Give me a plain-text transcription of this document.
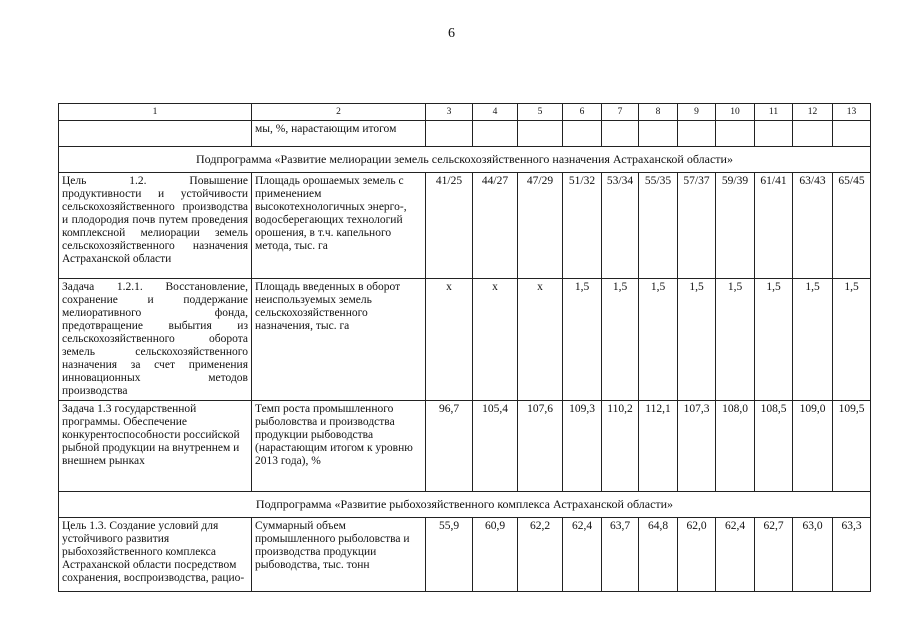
6
1	2	3	4	5	6	7	8	9	10	11	12	13
	мы, %, нарастающим итогом											
Подпрограмма «Развитие мелиорации земель сельскохозяйственного назначения Астраханской области»												
Цель 1.2. Повышение продуктивности и устойчивости сельскохозяйственного производства и плодородия почв путем проведения комплексной мелиорации земель сельскохозяйственного назначения Астраханской области	Площадь орошаемых земель с применением высокотехнологичных энерго-, водосберегающих технологий орошения, в т.ч. капельного метода, тыс. га	41/25	44/27	47/29	51/32	53/34	55/35	57/37	59/39	61/41	63/43	65/45
Задача 1.2.1. Восстановление, сохранение и поддержание мелиоративного фонда, предотвращение выбытия из сельскохозяйственного оборота земель сельскохозяйственного назначения за счет применения инновационных методов производства	Площадь введенных в оборот неиспользуемых земель сельскохозяйственного назначения, тыс. га	х	х	х	1,5	1,5	1,5	1,5	1,5	1,5	1,5	1,5
Задача 1.3 государственной программы. Обеспечение конкурентоспособности российской рыбной продукции на внутреннем и внешнем рынках	Темп роста промышленного рыболовства и производства продукции рыбоводства (нарастающим итогом к уровню 2013 года), %	96,7	105,4	107,6	109,3	110,2	112,1	107,3	108,0	108,5	109,0	109,5
Подпрограмма «Развитие рыбохозяйственного комплекса Астраханской области»												
Цель 1.3. Создание условий для устойчивого развития рыбохозяйственного комплекса Астраханской области посредством сохранения, воспроизводства, рацио-	Суммарный объем промышленного рыболовства и производства продукции рыбоводства, тыс. тонн	55,9	60,9	62,2	62,4	63,7	64,8	62,0	62,4	62,7	63,0	63,3
